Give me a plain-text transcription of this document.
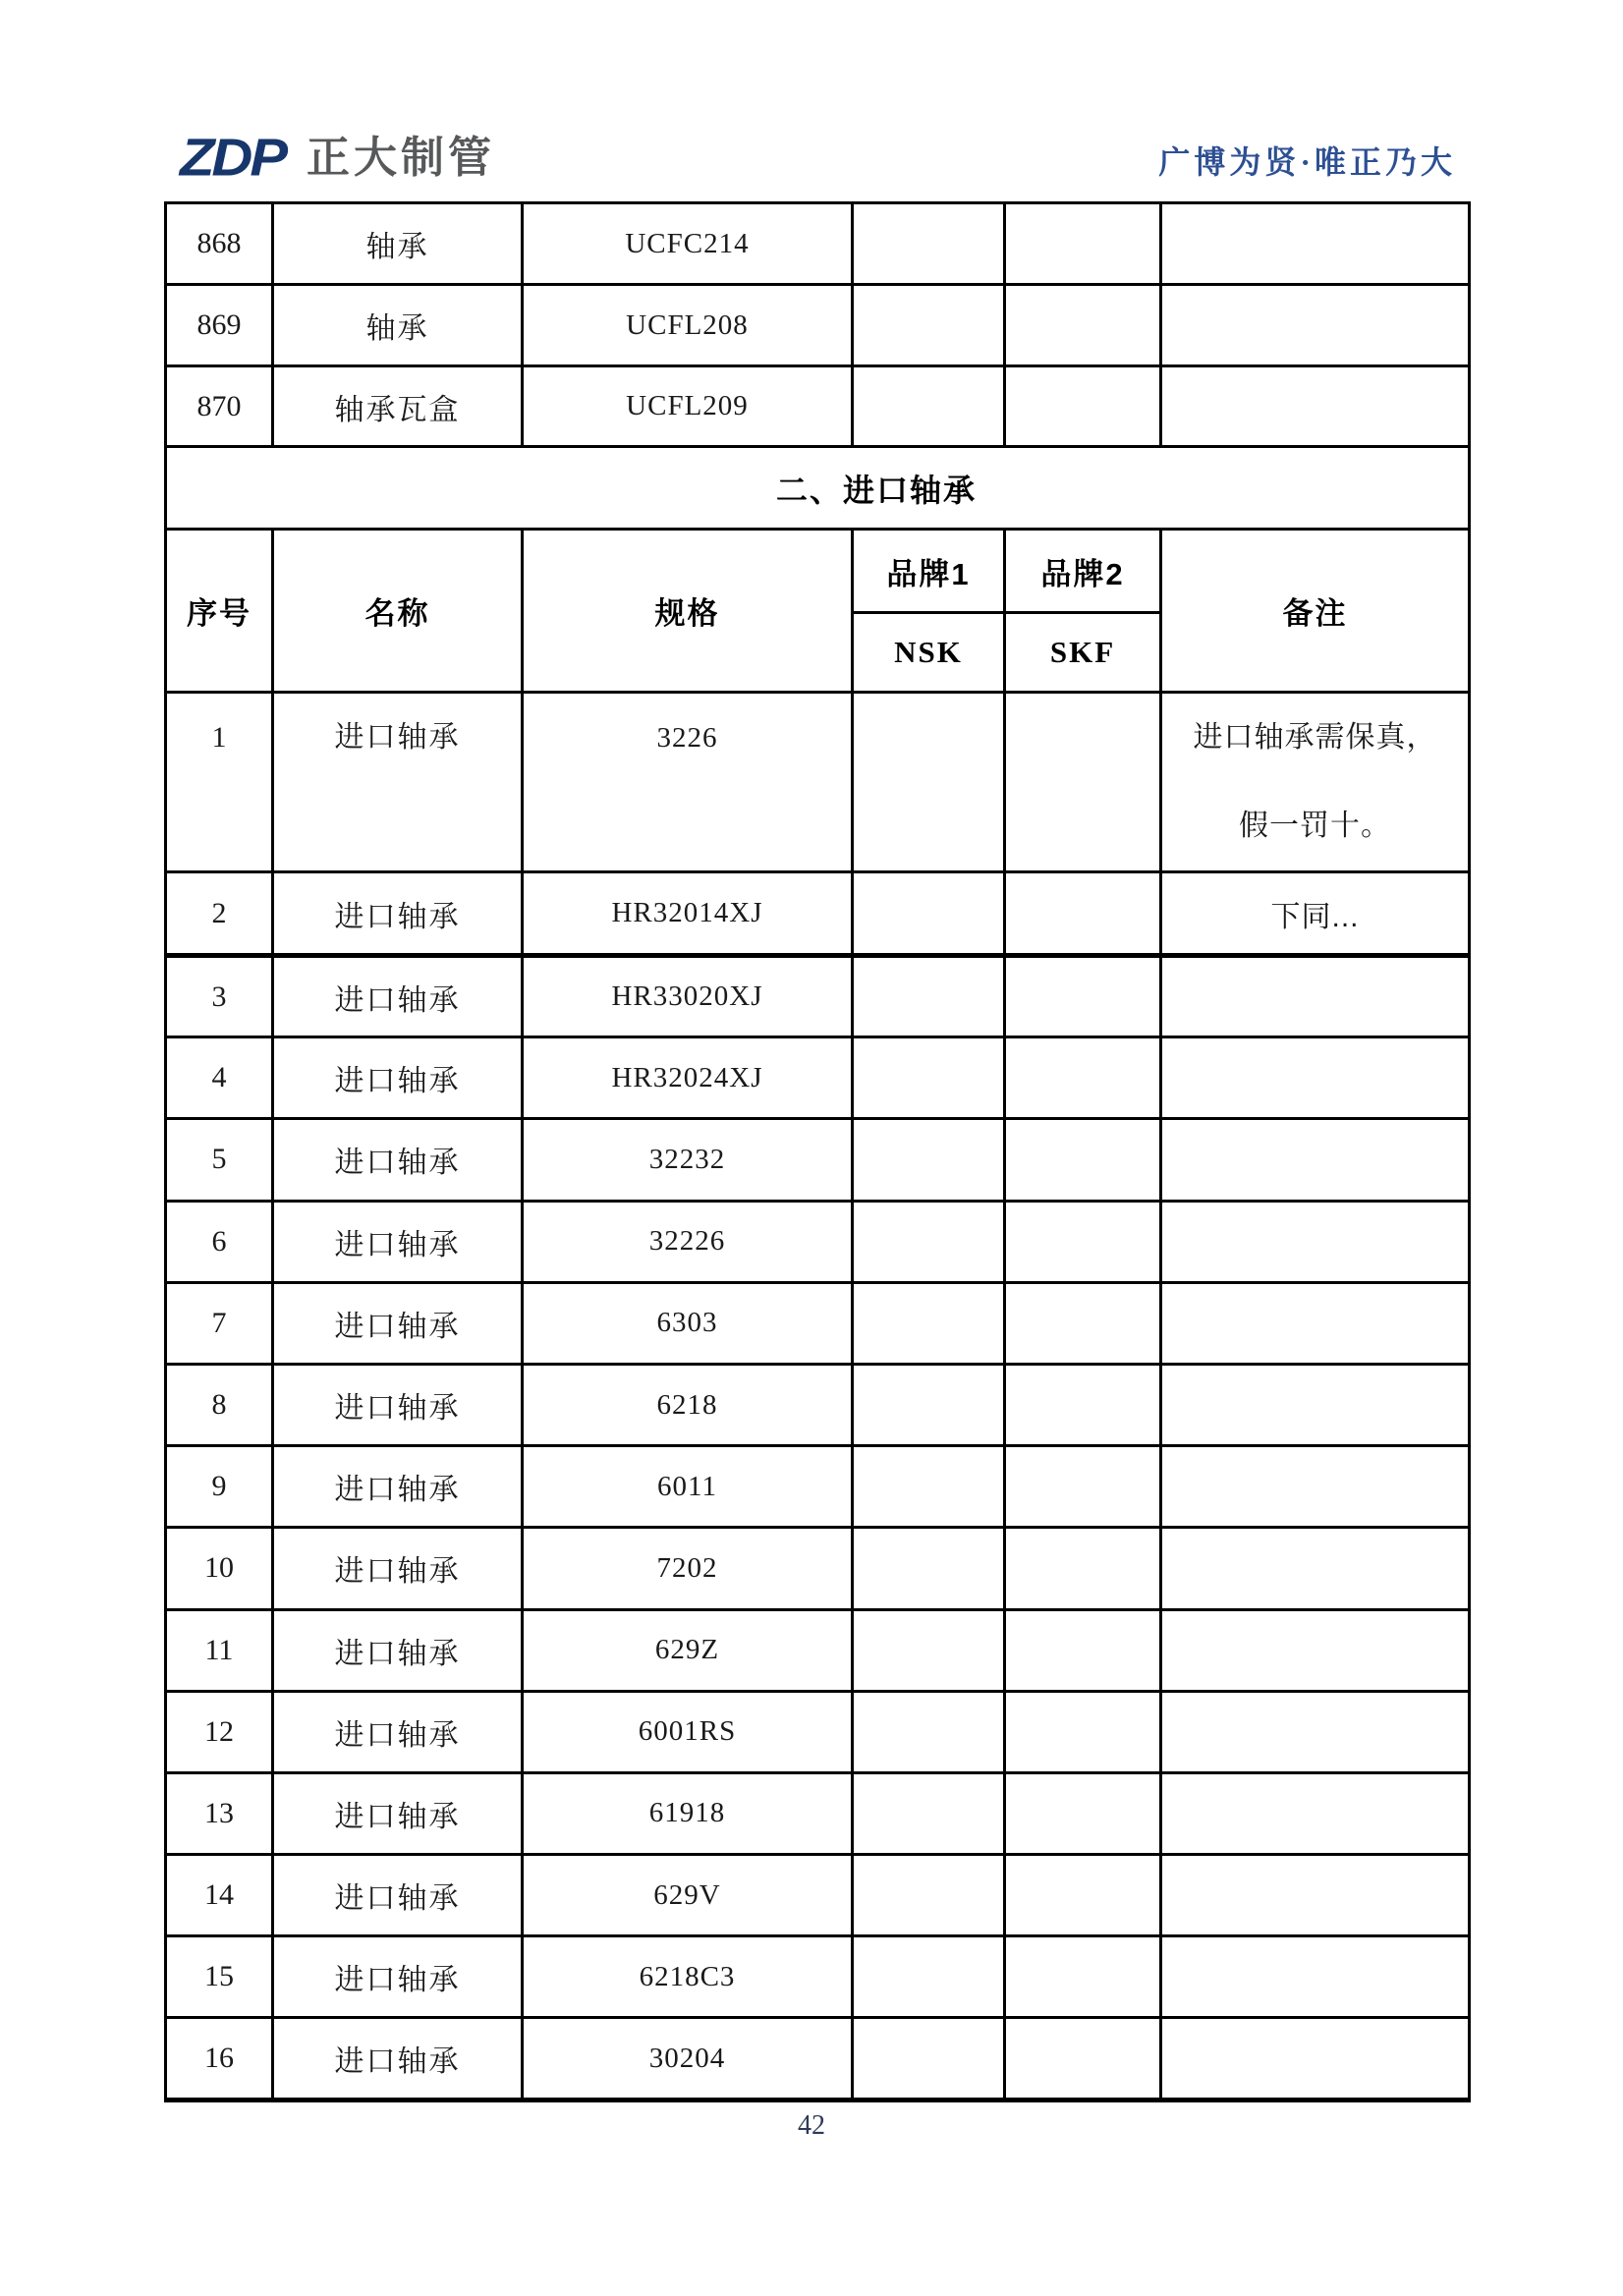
ZDP 正大制管	广博为贤·唯正乃大
868	轴承	UCFC214			
869	轴承	UCFL208			
870	轴承瓦盒	UCFL209			
二、进口轴承					
序号	名称	规格	品牌1	品牌2	备注
			NSK	SKF	
1	进口轴承	3226			进口轴承需保真，
假一罚十。

2	进口轴承	HR32014XJ			下同...

3	进口轴承	HR33020XJ			
4	进口轴承	HR32024XJ			
5	进口轴承	32232			
6	进口轴承	32226			
7	进口轴承	6303			
8	进口轴承	6218			
9	进口轴承	6011			
10	进口轴承	7202			
11	进口轴承	629Z			
12	进口轴承	6001RS			
13	进口轴承	61918			
14	进口轴承	629V			
15	进口轴承	6218C3			
16	进口轴承	30204			
42
